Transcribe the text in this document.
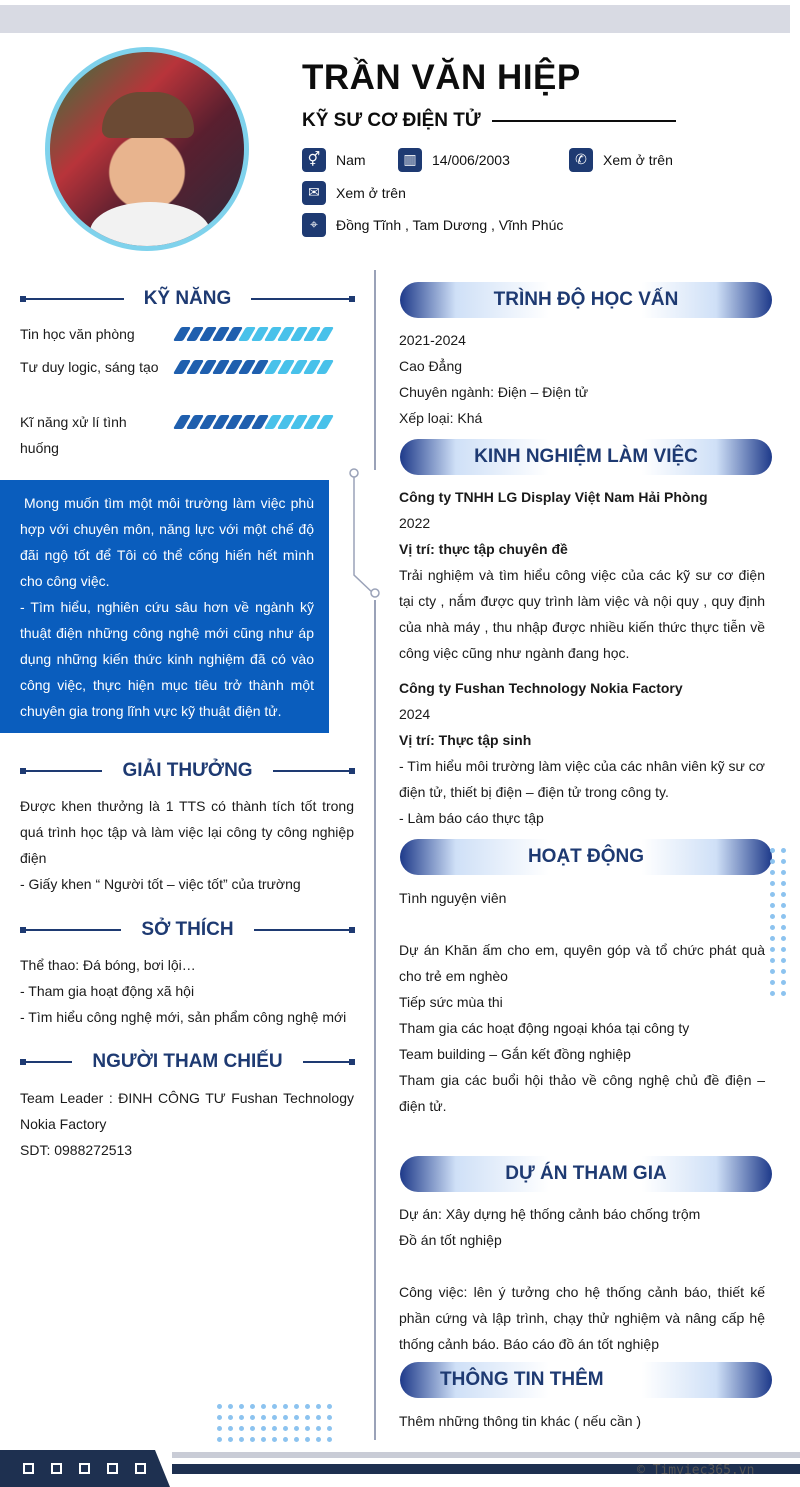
TRẦN VĂN HIỆP
KỸ SƯ CƠ ĐIỆN TỬ
⚥	Nam	▥	14/006/2003	✆	Xem ở trên
✉	Xem ở trên
⌖	Đồng Tĩnh , Tam Dương , Vĩnh Phúc
KỸ NĂNG
Tin học văn phòng
Tư duy logic, sáng tạo
Kĩ năng xử lí tình huống
Mong muốn tìm một môi trường làm việc phù hợp với chuyên môn, năng lực với một chế độ đãi ngộ tốt để Tôi có thể cống hiến hết mình cho công việc.
- Tìm hiểu, nghiên cứu sâu hơn về ngành kỹ thuật điện những công nghệ mới cũng như áp dụng những kiến thức kinh nghiệm đã có vào công việc, thực hiện mục tiêu trở thành một chuyên gia trong lĩnh vực kỹ thuật điện tử.
GIẢI THƯỞNG
Được khen thưởng là 1 TTS có thành tích tốt trong quá trình học tập và làm việc lại công ty công nghiệp điện
- Giấy khen “ Người tốt – việc tốt” của trường
SỞ THÍCH
Thể thao: Đá bóng, bơi lội…
- Tham gia hoạt động xã hội
- Tìm hiểu công nghệ mới, sản phẩm công nghệ mới
NGƯỜI THAM CHIẾU
Team Leader : ĐINH CÔNG TƯ Fushan Technology Nokia Factory
SDT: 0988272513
TRÌNH ĐỘ HỌC VẤN
2021-2024
Cao Đẳng
Chuyên ngành: Điện – Điện tử
Xếp loại: Khá
KINH NGHIỆM LÀM VIỆC
Công ty TNHH LG Display Việt Nam Hải Phòng
2022
Vị trí: thực tập chuyên đề
Trải nghiệm và tìm hiểu công việc của các kỹ sư cơ điện tại cty , nắm được quy trình làm việc và nội quy , quy định của nhà máy , thu nhập được nhiều kiến thức thực tiễn về công việc cũng như ngành đang học.
Công ty Fushan Technology Nokia Factory
2024
Vị trí: Thực tập sinh
- Tìm hiểu môi trường làm việc của các nhân viên kỹ sư cơ điện tử, thiết bị điện – điện tử trong công ty.
- Làm báo cáo thực tập
HOẠT ĐỘNG
Tình nguyện viên
Dự án Khăn ấm cho em, quyên góp và tổ chức phát quà cho trẻ em nghèo
Tiếp sức mùa thi
Tham gia các hoạt động ngoại khóa tại công ty
Team building – Gắn kết đồng nghiệp
Tham gia các buổi hội thảo về công nghệ chủ đề điện – điện tử.
DỰ ÁN THAM GIA
Dự án: Xây dựng hệ thống cảnh báo chống trộm
Đồ án tốt nghiệp
Công việc: lên ý tưởng cho hệ thống cảnh báo, thiết kế phần cứng và lập trình, chạy thử nghiệm và nâng cấp hệ thống cảnh báo. Báo cáo đồ án tốt nghiệp
THÔNG TIN THÊM
Thêm những thông tin khác ( nếu cần )
© Timviec365.vn
